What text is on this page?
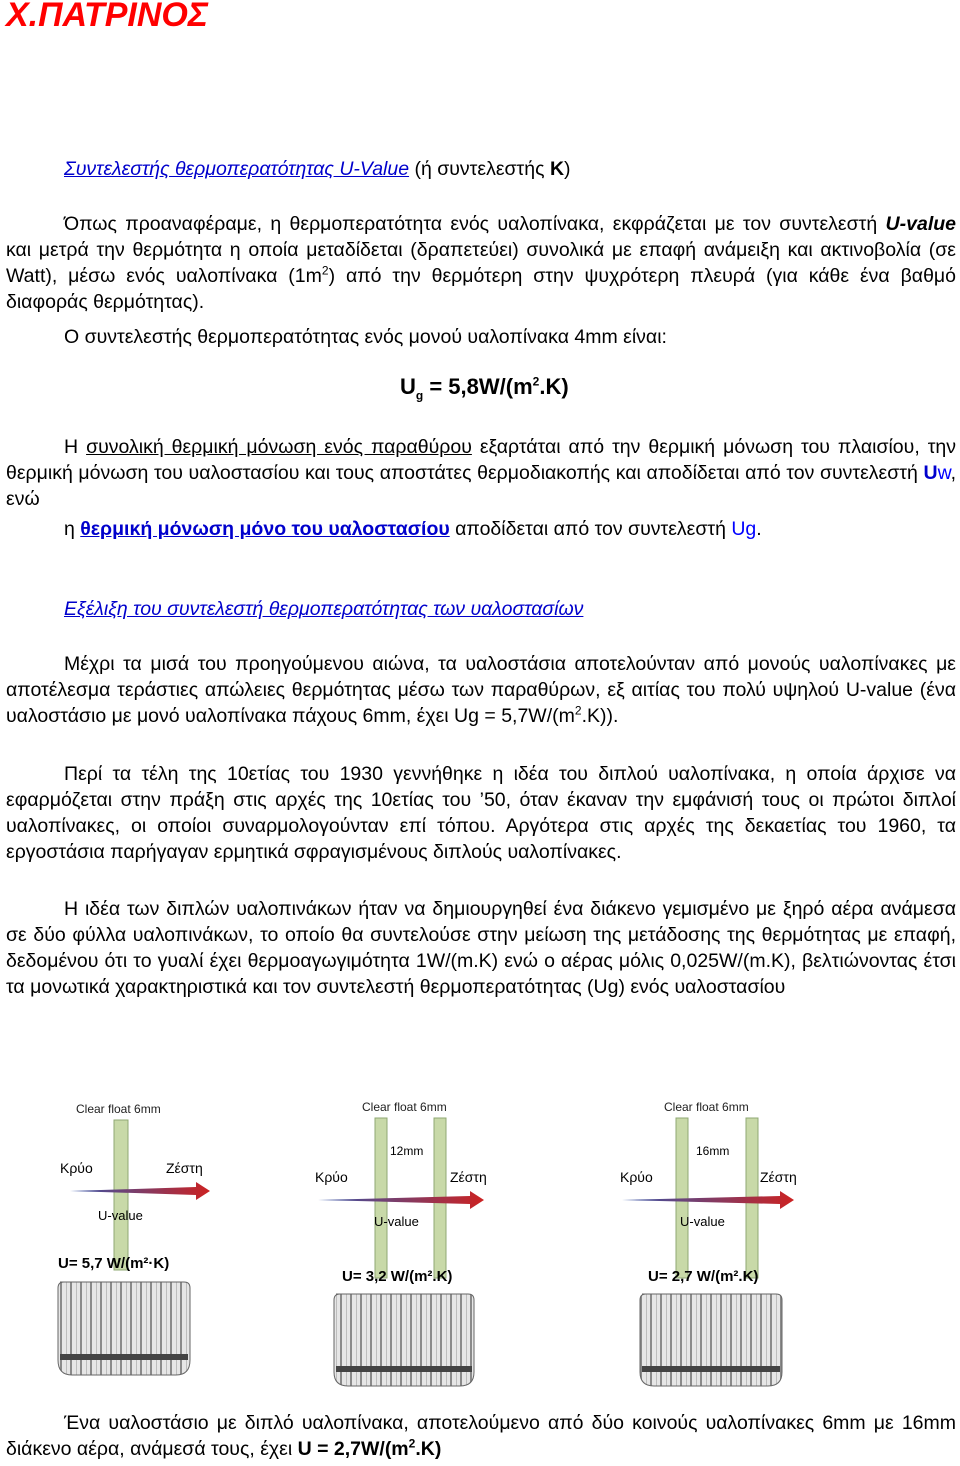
Χ.ΠΑΤΡΙΝΟΣ
Συντελεστής θερμοπερατότητας U-Value (ή συντελεστής Κ)
Όπως προαναφέραμε, η θερμοπερατότητα ενός υαλοπίνακα, εκφράζεται με τον συντελεστή U-value και μετρά την θερμότητα η οποία μεταδίδεται (δραπετεύει) συνολικά με επαφή ανάμειξη και ακτινοβολία (σε Watt), μέσω ενός υαλοπίνακα $(1m^2)$ από την θερμότερη στην ψυχρότερη πλευρά (για κάθε ένα βαθμό διαφοράς θερμότητας).
Ο συντελεστής θερμοπερατότητας ενός μονού υαλοπίνακα 4mm είναι:
$U_g = 5,8W/(m^2.K)$
Η συνολική θερμική μόνωση ενός παραθύρου εξαρτάται από την θερμική μόνωση του πλαισίου, την θερμική μόνωση του υαλοστασίου και τους αποστάτες θερμοδιακοπής και αποδίδεται από τον συντελεστή Uw, ενώ
η θερμική μόνωση μόνο του υαλοστασίου αποδίδεται από τον συντελεστή Ug.
Εξέλιξη του συντελεστή θερμοπερατότητας των υαλοστασίων
Μέχρι τα μισά του προηγούμενου αιώνα, τα υαλοστάσια αποτελούνταν από μονούς υαλοπίνακες με αποτέλεσμα τεράστιες απώλειες θερμότητας μέσω των παραθύρων, εξ αιτίας του πολύ υψηλού U-value (ένα υαλοστάσιο με μονό υαλοπίνακα πάχους 6mm, έχει $Ug = 5,7W/(m^2.K)$).
Περί τα τέλη της 10ετίας του 1930 γεννήθηκε η ιδέα του διπλού υαλοπίνακα, η οποία άρχισε να εφαρμόζεται στην πράξη στις αρχές της 10ετίας του ’50, όταν έκαναν την εμφάνισή τους οι πρώτοι διπλοί υαλοπίνακες, οι οποίοι συναρμολογούνταν επί τόπου. Αργότερα στις αρχές της δεκαετίας του 1960, τα εργοστάσια παρήγαγαν ερμητικά σφραγισμένους διπλούς υαλοπίνακες.
Η ιδέα των διπλών υαλοπινάκων ήταν να δημιουργηθεί ένα διάκενο γεμισμένο με ξηρό αέρα ανάμεσα σε δύο φύλλα υαλοπινάκων, το οποίο θα συντελούσε στην μείωση της μετάδοσης της θερμότητας με επαφή, δεδομένου ότι το γυαλί έχει θερμοαγωγιμότητα 1W/(m.K) ενώ ο αέρας μόλις 0,025W/(m.K), βελτιώνοντας έτσι τα μονωτικά χαρακτηριστικά και τον συντελεστή θερμοπερατότητας (Ug) ενός υαλοστασίου
Clear float 6mm
Κρύο	Ζέστη
U-value
U= 5,7 W/(m²·K)
Clear float 6mm
12mm
Κρύο	Ζέστη
U-value
U= 3,2 W/(m².K)
Clear float 6mm
16mm
Κρύο	Ζέστη
U-value
U= 2,7 W/(m².K)
Ένα υαλοστάσιο με διπλό υαλοπίνακα, αποτελούμενο από δύο κοινούς υαλοπίνακες 6mm με 16mm διάκενο αέρα, ανάμεσά τους, έχει $U = 2,7W/(m^2.K)$
